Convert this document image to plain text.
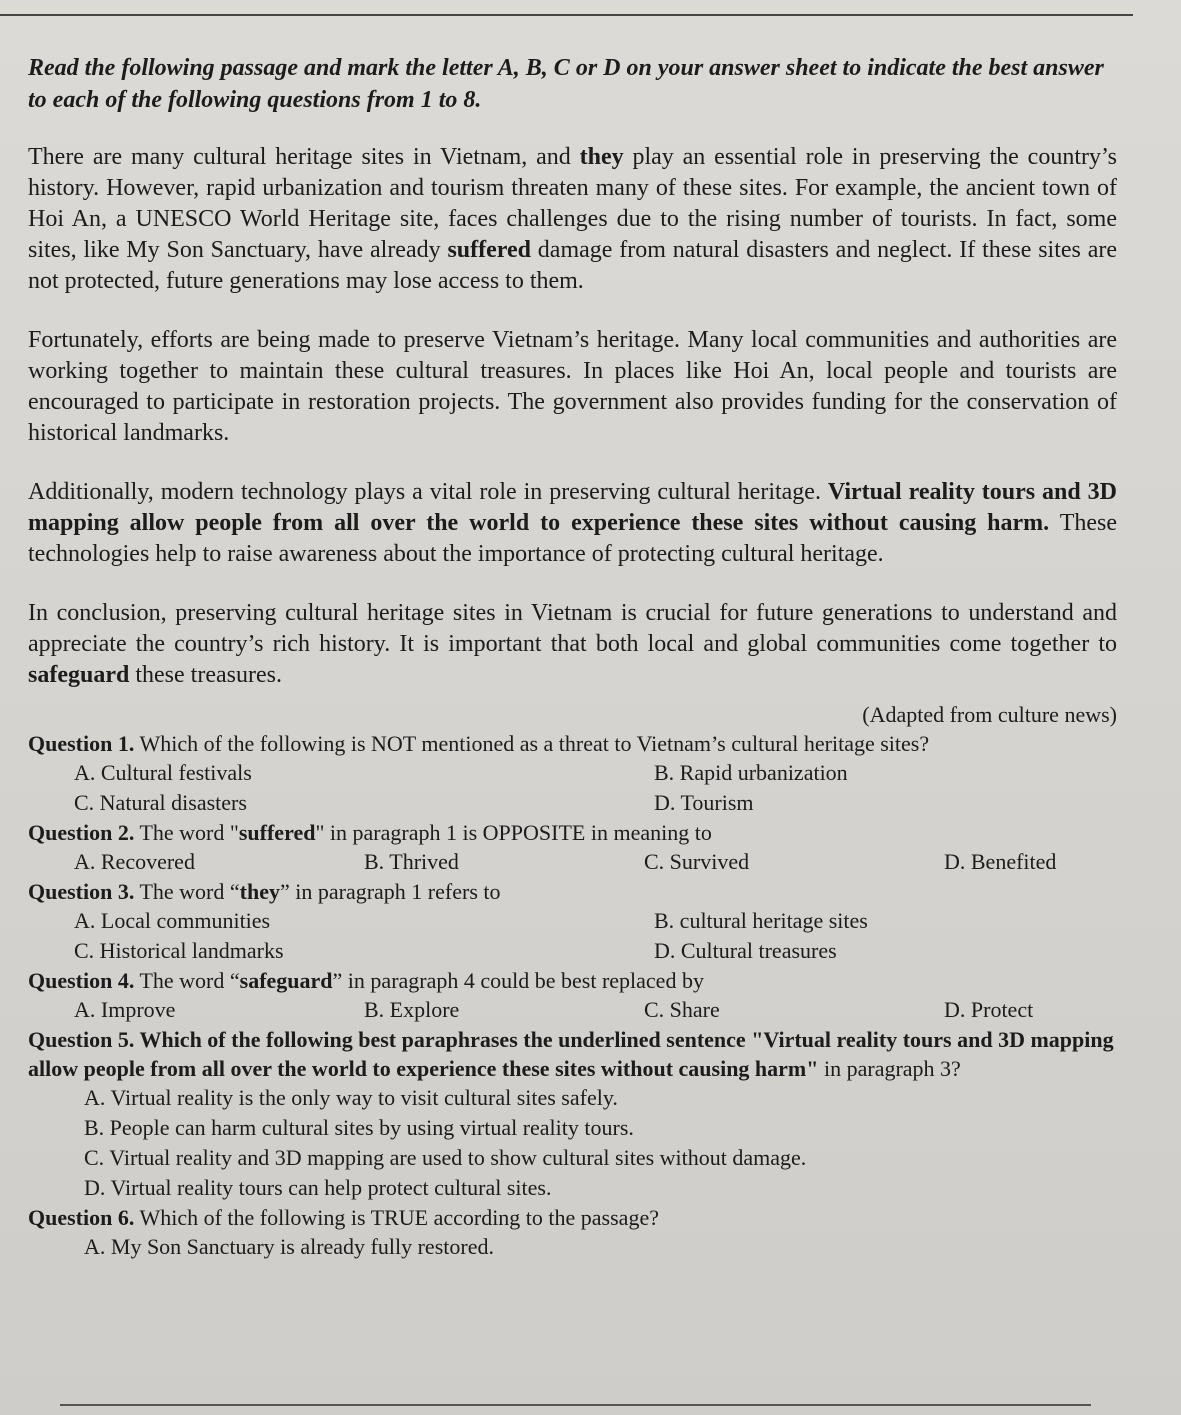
Read the following passage and mark the letter A, B, C or D on your answer sheet to indicate the best answer to each of the following questions from 1 to 8.

There are many cultural heritage sites in Vietnam, and they play an essential role in preserving the country’s history. However, rapid urbanization and tourism threaten many of these sites. For example, the ancient town of Hoi An, a UNESCO World Heritage site, faces challenges due to the rising number of tourists. In fact, some sites, like My Son Sanctuary, have already suffered damage from natural disasters and neglect. If these sites are not protected, future generations may lose access to them.

Fortunately, efforts are being made to preserve Vietnam’s heritage. Many local communities and authorities are working together to maintain these cultural treasures. In places like Hoi An, local people and tourists are encouraged to participate in restoration projects. The government also provides funding for the conservation of historical landmarks.

Additionally, modern technology plays a vital role in preserving cultural heritage. Virtual reality tours and 3D mapping allow people from all over the world to experience these sites without causing harm. These technologies help to raise awareness about the importance of protecting cultural heritage.

In conclusion, preserving cultural heritage sites in Vietnam is crucial for future generations to understand and appreciate the country’s rich history. It is important that both local and global communities come together to safeguard these treasures.

(Adapted from culture news)

Question 1. Which of the following is NOT mentioned as a threat to Vietnam’s cultural heritage sites?

A. Cultural festivals	B. Rapid urbanization
C. Natural disasters	D. Tourism

Question 2. The word "suffered" in paragraph 1 is OPPOSITE in meaning to

A. Recovered	B. Thrived	C. Survived	D. Benefited

Question 3. The word “they” in paragraph 1 refers to

A. Local communities	B. cultural heritage sites
C. Historical landmarks	D. Cultural treasures

Question 4. The word “safeguard” in paragraph 4 could be best replaced by

A. Improve	B. Explore	C. Share	D. Protect

Question 5. Which of the following best paraphrases the underlined sentence "Virtual reality tours and 3D mapping allow people from all over the world to experience these sites without causing harm" in paragraph 3?

A. Virtual reality is the only way to visit cultural sites safely.
B. People can harm cultural sites by using virtual reality tours.
C. Virtual reality and 3D mapping are used to show cultural sites without damage.
D. Virtual reality tours can help protect cultural sites.

Question 6. Which of the following is TRUE according to the passage?

A. My Son Sanctuary is already fully restored.
